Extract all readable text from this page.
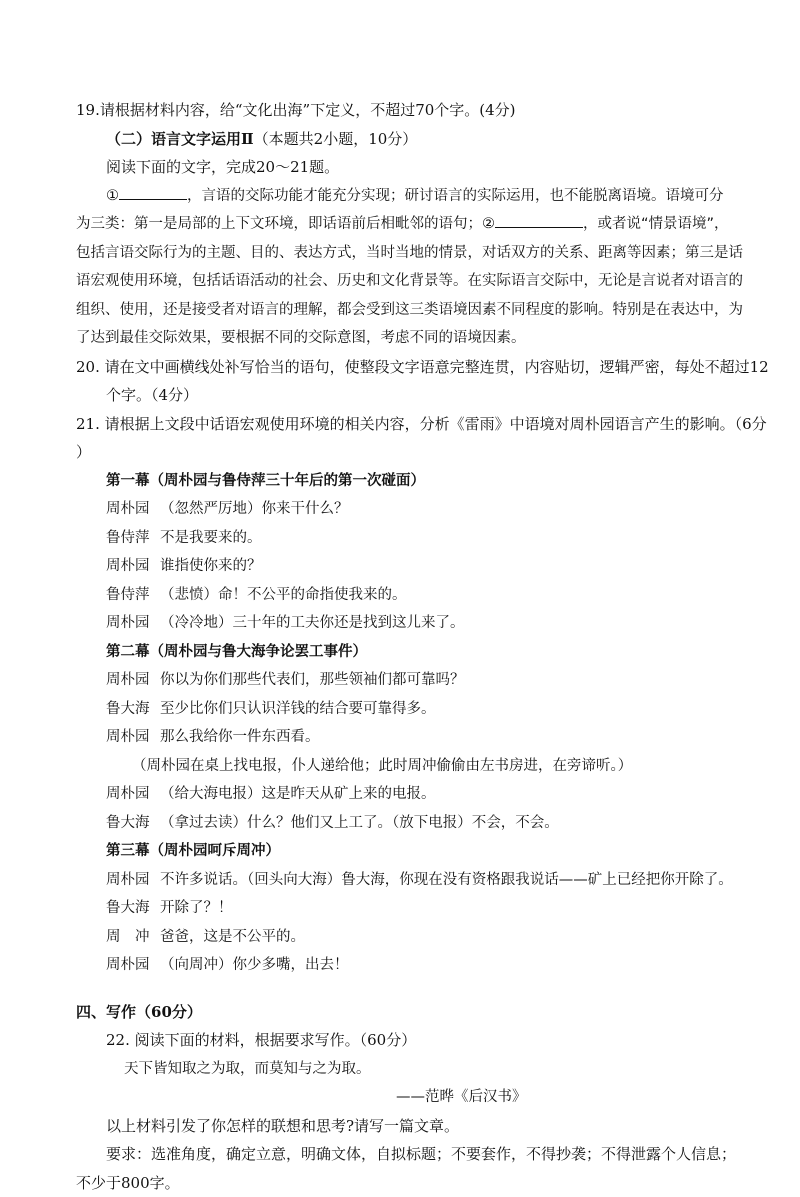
19.请根据材料内容，给“文化出海”下定义，不超过70个字。(4分)
（二）语言文字运用Ⅱ（本题共2小题，10分）
阅读下面的文字，完成20～21题。
①	，言语的交际功能才能充分实现；研讨语言的实际运用，也不能脱离语境。语境可分
为三类：第一是局部的上下文环境，即话语前后相毗邻的语句；②	，或者说“情景语境”，
包括言语交际行为的主题、目的、表达方式，当时当地的情景，对话双方的关系、距离等因素；第三是话
语宏观使用环境，包括话语活动的社会、历史和文化背景等。在实际语言交际中，无论是言说者对语言的
组织、使用，还是接受者对语言的理解，都会受到这三类语境因素不同程度的影响。特别是在表达中，为
了达到最佳交际效果，要根据不同的交际意图，考虑不同的语境因素。
20. 请在文中画横线处补写恰当的语句，使整段文字语意完整连贯，内容贴切，逻辑严密，每处不超过12
个字。（4分）
21. 请根据上文段中话语宏观使用环境的相关内容，分析《雷雨》中语境对周朴园语言产生的影响。（6分
）
第一幕（周朴园与鲁侍萍三十年后的第一次碰面）
周朴园 （忽然严厉地）你来干什么？
鲁侍萍 不是我要来的。
周朴园 谁指使你来的？
鲁侍萍 （悲愤）命！不公平的命指使我来的。
周朴园 （冷冷地）三十年的工夫你还是找到这儿来了。
第二幕（周朴园与鲁大海争论罢工事件）
周朴园 你以为你们那些代表们，那些领袖们都可靠吗？
鲁大海 至少比你们只认识洋钱的结合要可靠得多。
周朴园 那么我给你一件东西看。
（周朴园在桌上找电报，仆人递给他；此时周冲偷偷由左书房进，在旁谛听。）
周朴园 （给大海电报）这是昨天从矿上来的电报。
鲁大海 （拿过去读）什么？他们又上工了。（放下电报）不会，不会。
第三幕（周朴园呵斥周冲）
周朴园 不许多说话。（回头向大海）鲁大海，你现在没有资格跟我说话——矿上已经把你开除了。
鲁大海 开除了？！
周　冲 爸爸，这是不公平的。
周朴园 （向周冲）你少多嘴，出去！
四、写作（60分）
22. 阅读下面的材料，根据要求写作。（60分）
天下皆知取之为取，而莫知与之为取。
——范晔《后汉书》
以上材料引发了你怎样的联想和思考?请写一篇文章。
要求：选准角度，确定立意，明确文体，自拟标题；不要套作，不得抄袭；不得泄露个人信息；
不少于800字。
